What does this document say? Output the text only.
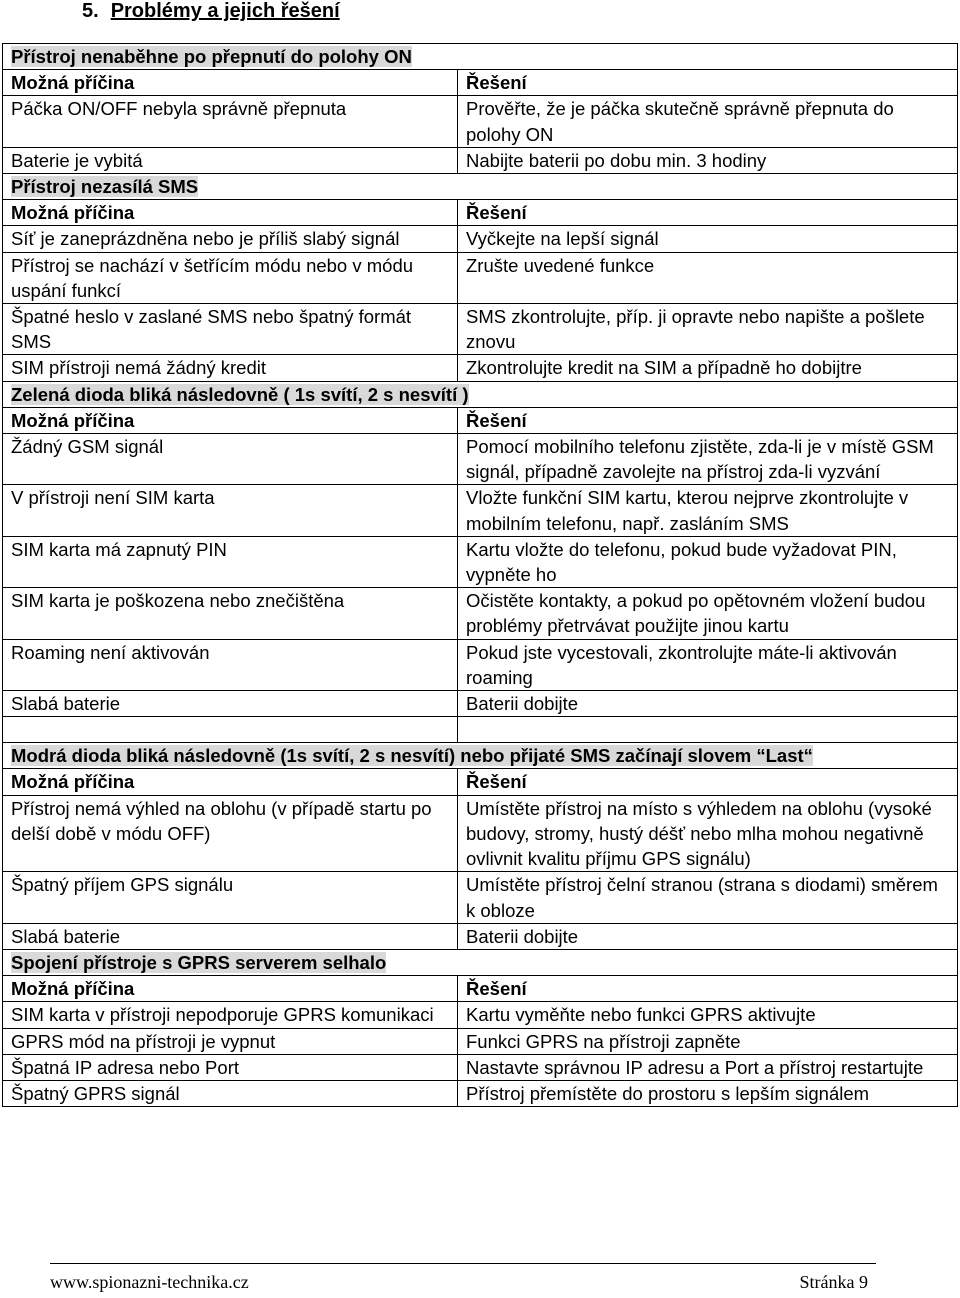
5. Problémy a jejich řešení
Přístroj nenaběhne po přepnutí do polohy ON	
Možná příčina	Řešení
Páčka ON/OFF nebyla správně přepnuta	Prověřte, že je páčka skutečně správně přepnuta do polohy ON
Baterie je vybitá	Nabijte baterii po dobu min. 3 hodiny
Přístroj nezasílá SMS	
Možná příčina	Řešení
Síť je zaneprázdněna nebo je příliš slabý signál	Vyčkejte na lepší signál
Přístroj se nachází v šetřícím módu nebo v módu uspání funkcí	Zrušte uvedené funkce
Špatné heslo v zaslané SMS nebo špatný formát SMS	SMS zkontrolujte, příp. ji opravte nebo napište a pošlete znovu
SIM přístroji nemá žádný kredit	Zkontrolujte kredit na SIM a případně ho dobijtre
Zelená dioda bliká následovně ( 1s svítí, 2 s nesvítí )	
Možná příčina	Řešení
Žádný GSM signál	Pomocí mobilního telefonu zjistěte, zda-li je v místě GSM signál, případně zavolejte na přístroj zda-li vyzvání
V přístroji není SIM karta	Vložte funkční SIM kartu, kterou nejprve zkontrolujte v mobilním telefonu, např. zasláním SMS
SIM karta má zapnutý PIN	Kartu vložte do telefonu, pokud bude vyžadovat PIN, vypněte ho
SIM karta je poškozena nebo znečištěna	Očistěte kontakty, a pokud po opětovném vložení budou problémy přetrvávat použijte jinou kartu
Roaming není aktivován	Pokud jste vycestovali, zkontrolujte máte-li aktivován roaming
Slabá baterie	Baterii dobijte

Modrá dioda bliká následovně (1s svítí, 2 s nesvítí) nebo přijaté SMS začínají slovem “Last“	
Možná příčina	Řešení
Přístroj nemá výhled na oblohu (v případě startu po delší době v módu OFF)	Umístěte přístroj na místo s výhledem na oblohu (vysoké budovy, stromy, hustý déšť nebo mlha mohou negativně ovlivnit kvalitu příjmu GPS signálu)
Špatný příjem GPS signálu	Umístěte přístroj čelní stranou (strana s diodami) směrem k obloze
Slabá baterie	Baterii dobijte
Spojení přístroje s GPRS serverem selhalo	
Možná příčina	Řešení
SIM karta v přístroji nepodporuje GPRS komunikaci	Kartu vyměňte nebo funkci GPRS aktivujte
GPRS mód na přístroji je vypnut	Funkci GPRS na přístroji zapněte
Špatná IP adresa nebo Port	Nastavte správnou IP adresu a Port a přístroj restartujte
Špatný GPRS signál	Přístroj přemístěte do prostoru s lepším signálem
www.spionazni-technika.cz	Stránka 9
